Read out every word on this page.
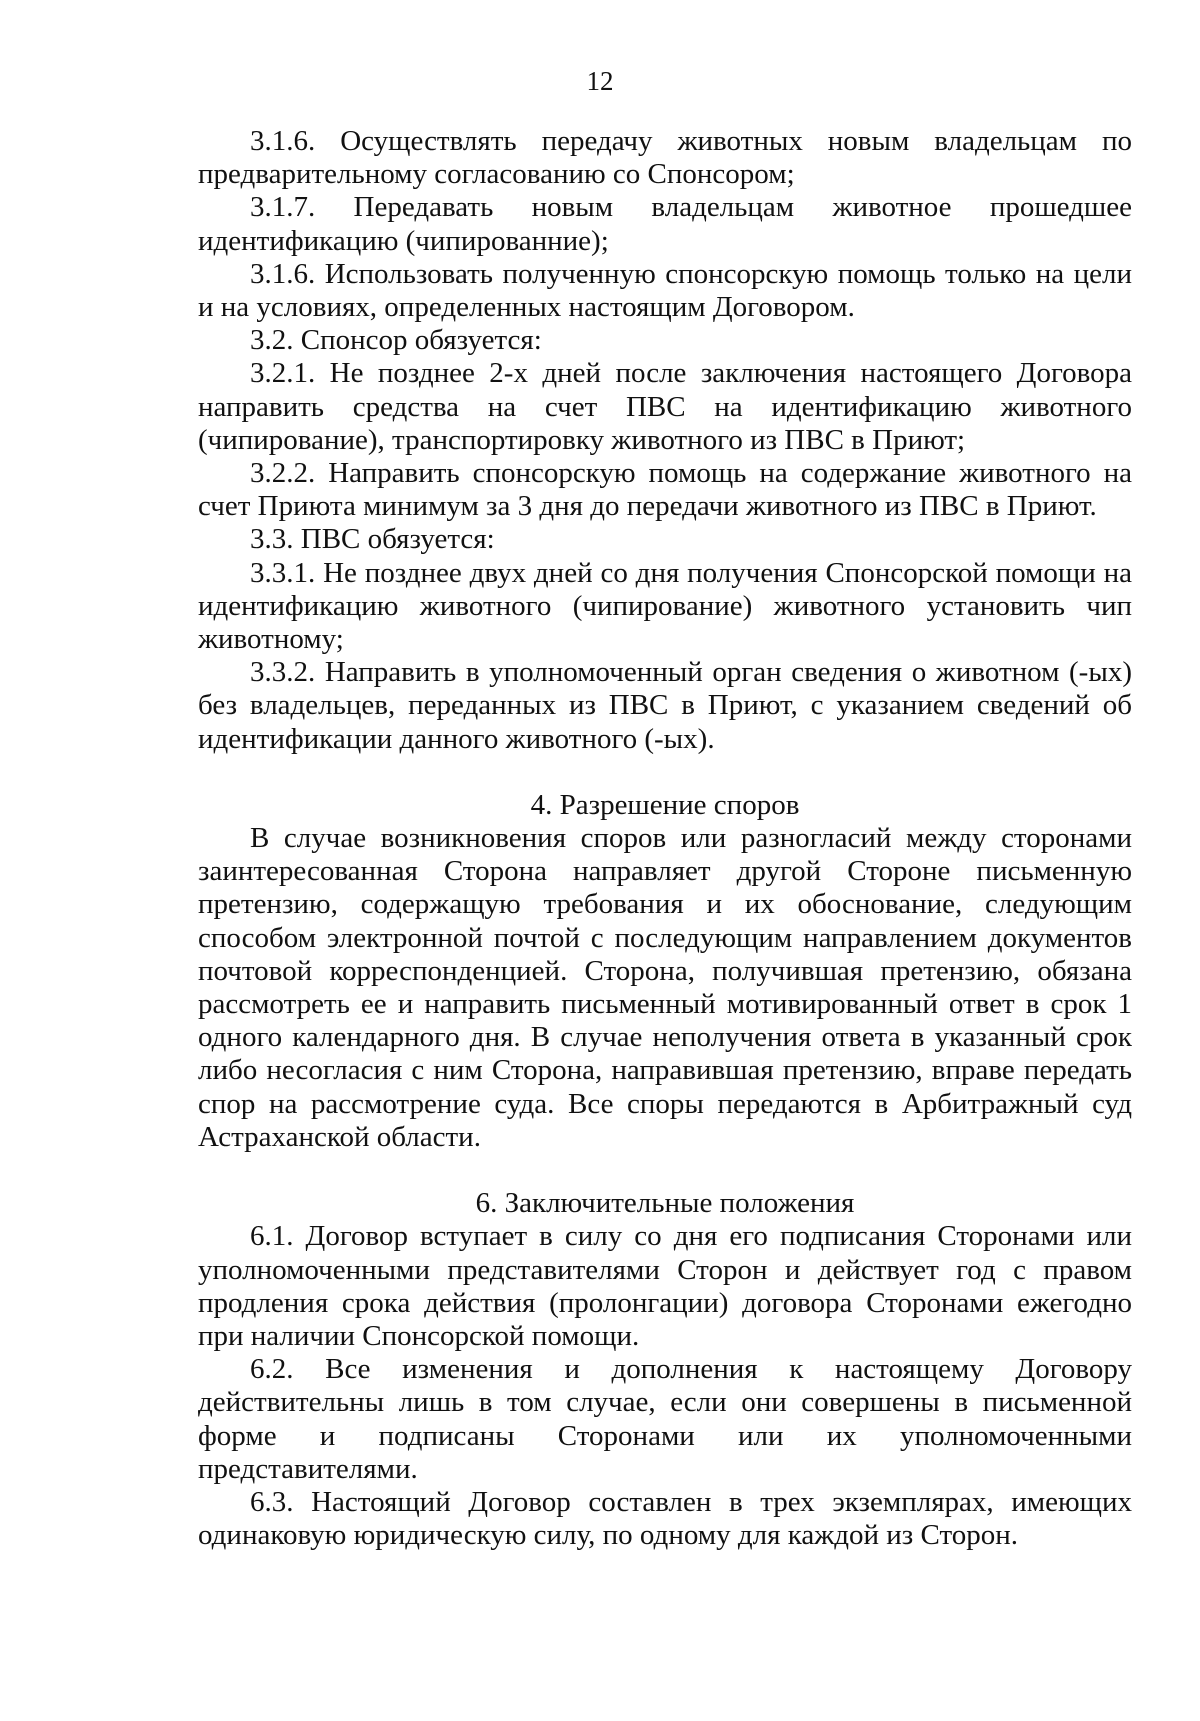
12

3.1.6. Осуществлять передачу животных новым владельцам по предварительному согласованию со Спонсором;

3.1.7. Передавать новым владельцам животное прошедшее идентификацию (чипированние);

3.1.6. Использовать полученную спонсорскую помощь только на цели и на условиях, определенных настоящим Договором.

3.2. Спонсор обязуется:

3.2.1. Не позднее 2-х дней после заключения настоящего Договора направить средства на счет ПВС на идентификацию животного (чипирование), транспортировку животного из ПВС в Приют;

3.2.2. Направить спонсорскую помощь на содержание животного на счет Приюта минимум за 3 дня до передачи животного из ПВС в Приют.

3.3. ПВС обязуется:

3.3.1. Не позднее двух дней со дня получения Спонсорской помощи на идентификацию животного (чипирование) животного установить чип животному;

3.3.2. Направить в уполномоченный орган сведения о животном (-ых) без владельцев, переданных из ПВС в Приют, с указанием сведений об идентификации данного животного (-ых).

4. Разрешение споров

В случае возникновения споров или разногласий между сторонами заинтересованная Сторона направляет другой Стороне письменную претензию, содержащую требования и их обоснование, следующим способом электронной почтой с последующим направлением документов почтовой корреспонденцией. Сторона, получившая претензию, обязана рассмотреть ее и направить письменный мотивированный ответ в срок 1 одного календарного дня. В случае неполучения ответа в указанный срок либо несогласия с ним Сторона, направившая претензию, вправе передать спор на рассмотрение суда. Все споры передаются в Арбитражный суд Астраханской области.

6. Заключительные положения

6.1. Договор вступает в силу со дня его подписания Сторонами или уполномоченными представителями Сторон и действует год с правом продления срока действия (пролонгации) договора Сторонами ежегодно при наличии Спонсорской помощи.

6.2. Все изменения и дополнения к настоящему Договору действительны лишь в том случае, если они совершены в письменной форме и подписаны Сторонами или их уполномоченными представителями.

6.3. Настоящий Договор составлен в трех экземплярах, имеющих одинаковую юридическую силу, по одному для каждой из Сторон.
